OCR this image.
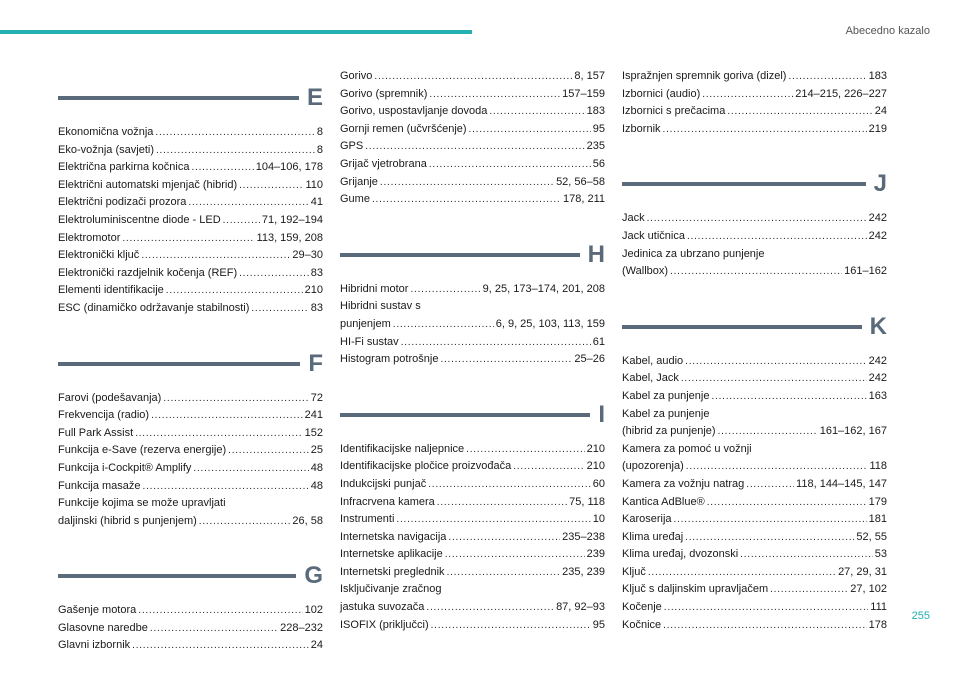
Abecedno kazalo
E
Ekonomična vožnja . . .	8
Eko-vožnja (savjeti) . . .	8
Električna parkirna kočnica . . .	104–106, 178
Električni automatski mjenjač (hibrid) . . .	110
Električni podizači prozora . . .	41
Elektroluminiscentne diode - LED . . .	71, 192–194
Elektromotor . . .	113, 159, 208
Elektronički ključ . . .	29–30
Elektronički razdjelnik kočenja (REF) . . .	83
Elementi identifikacije . . .	210
ESC (dinamičko održavanje stabilnosti) . . .	83
F
Farovi (podešavanja) . . .	72
Frekvencija (radio) . . .	241
Full Park Assist . . .	152
Funkcija e-Save (rezerva energije) . . .	25
Funkcija i-Cockpit® Amplify . . .	48
Funkcija masaže . . .	48
Funkcije kojima se može upravljati
daljinski (hibrid s punjenjem) . . .	26, 58
G
Gašenje motora . . .	102
Glasovne naredbe . . .	228–232
Glavni izbornik . . .	24
Gorivo . . .	8, 157
Gorivo (spremnik) . . .	157–159
Gorivo, uspostavljanje dovoda . . .	183
Gornji remen (učvršćenje) . . .	95
GPS . . .	235
Grijač vjetrobrana . . .	56
Grijanje . . .	52, 56–58
Gume . . .	178, 211
H
Hibridni motor . . .	9, 25, 173–174, 201, 208
Hibridni sustav s
punjenjem . . .	6, 9, 25, 103, 113, 159
HI-Fi sustav . . .	61
Histogram potrošnje . . .	25–26
I
Identifikacijske naljepnice . . .	210
Identifikacijske pločice proizvođača . . .	210
Indukcijski punjač . . .	60
Infracrvena kamera . . .	75, 118
Instrumenti . . .	10
Internetska navigacija . . .	235–238
Internetske aplikacije . . .	239
Internetski preglednik . . .	235, 239
Isključivanje zračnog
jastuka suvozača . . .	87, 92–93
ISOFIX (priključci) . . .	95
Ispražnjen spremnik goriva (dizel) . . .	183
Izbornici (audio) . . .	214–215, 226–227
Izbornici s prečacima . . .	24
Izbornik . . .	219
J
Jack . . .	242
Jack utičnica . . .	242
Jedinica za ubrzano punjenje
(Wallbox) . . .	161–162
K
Kabel, audio . . .	242
Kabel, Jack . . .	242
Kabel za punjenje . . .	163
Kabel za punjenje
(hibrid za punjenje) . . .	161–162, 167
Kamera za pomoć u vožnji
(upozorenja) . . .	118
Kamera za vožnju natrag . . .	118, 144–145, 147
Kantica AdBlue® . . .	179
Karoserija . . .	181
Klima uređaj . . .	52, 55
Klima uređaj, dvozonski . . .	53
Ključ . . .	27, 29, 31
Ključ s daljinskim upravljačem . . .	27, 102
Kočenje . . .	111
Kočnice . . .	178
255
